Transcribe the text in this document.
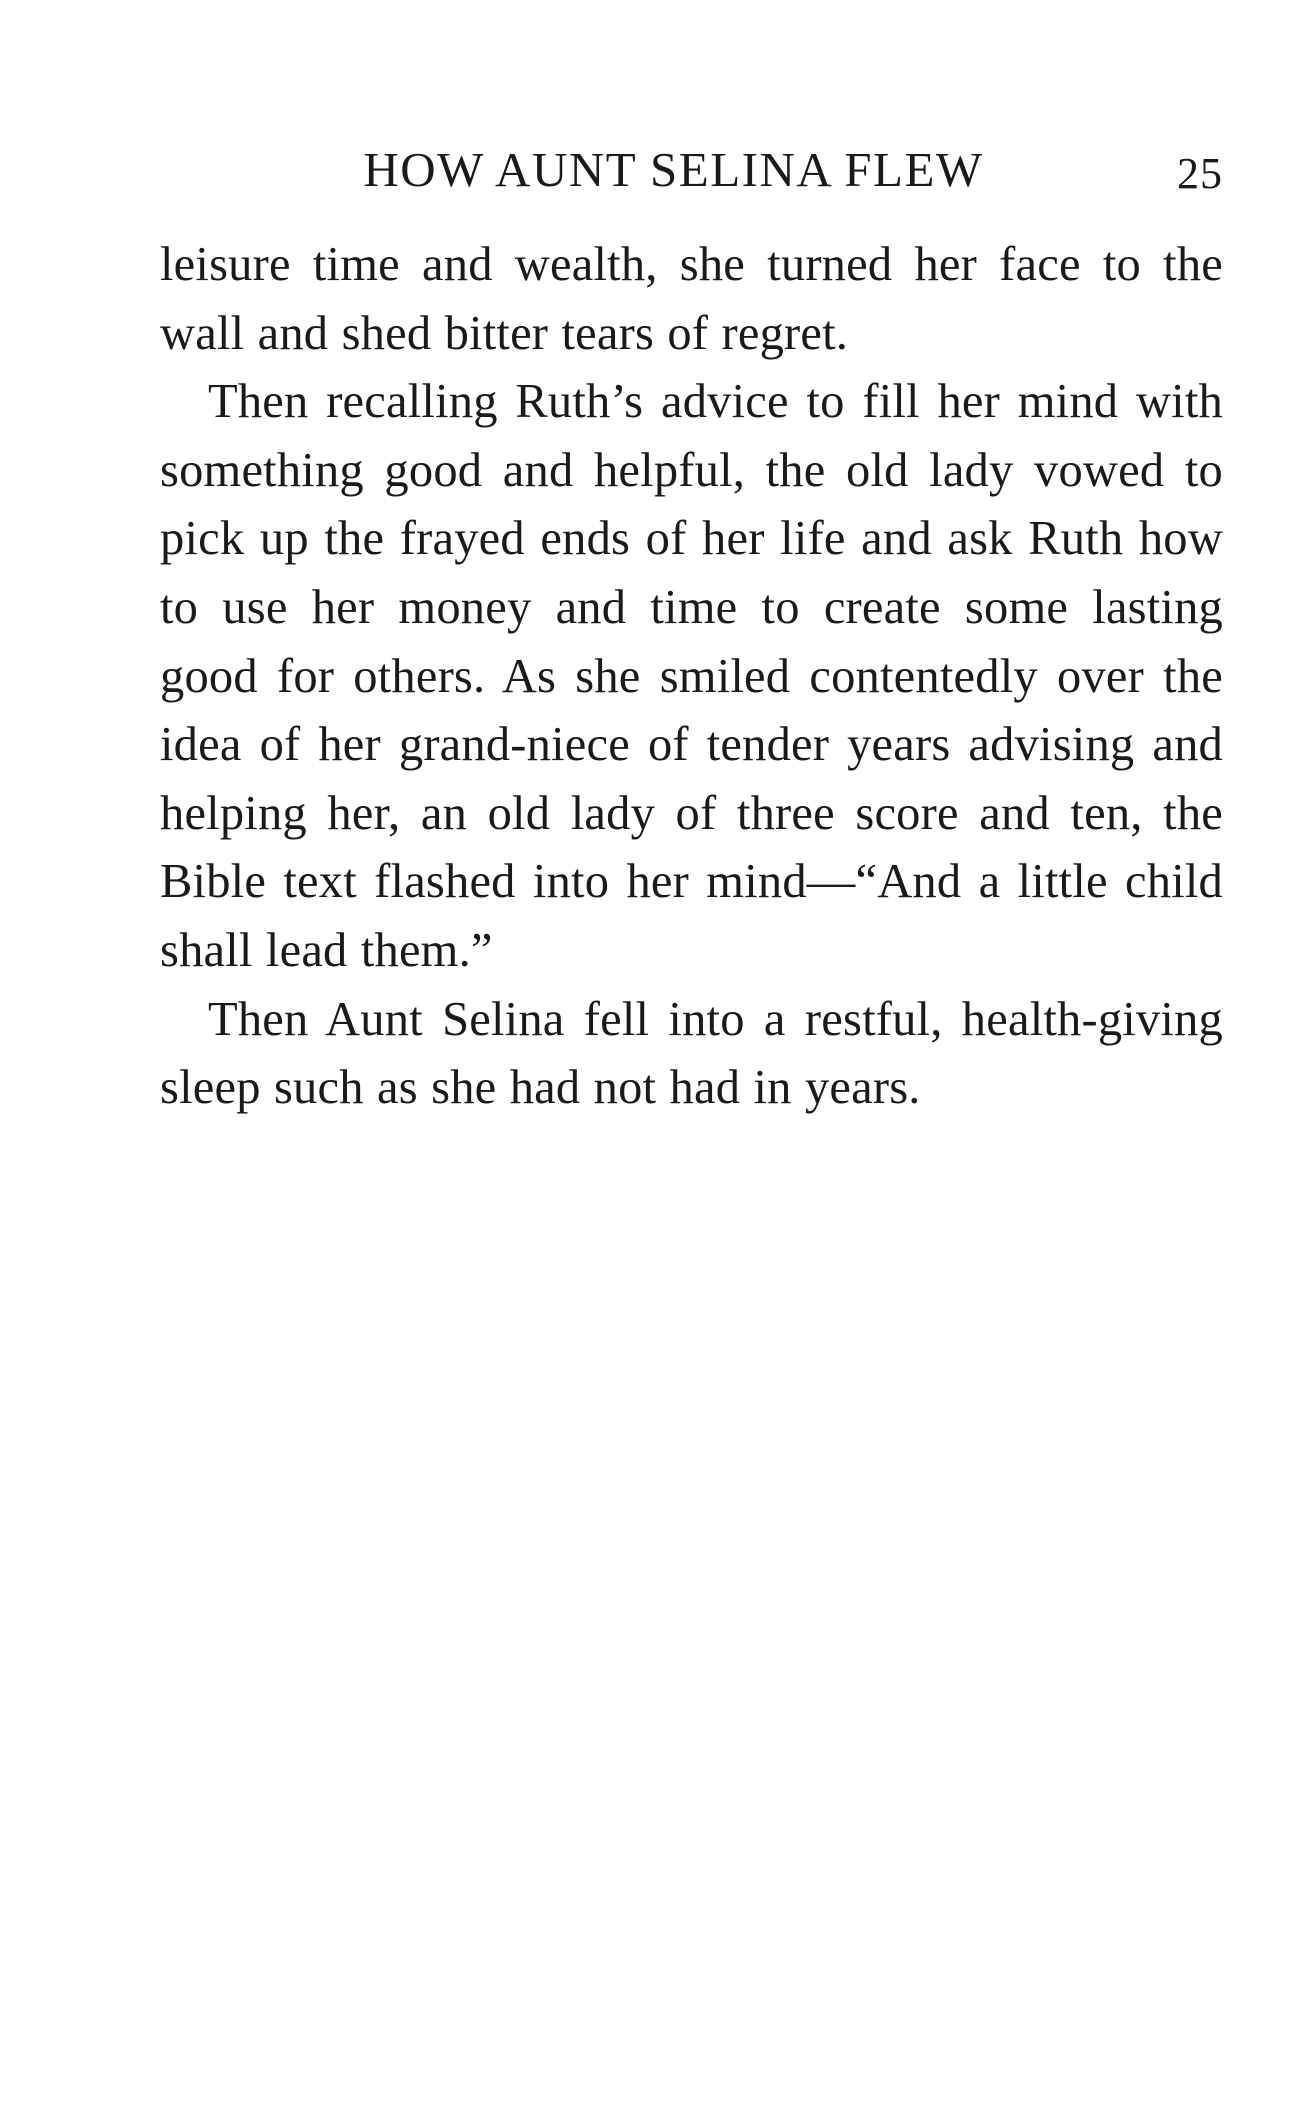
HOW AUNT SELINA FLEW	25

leisure time and wealth, she turned her face to the wall and shed bitter tears of regret.

Then recalling Ruth’s advice to fill her mind with something good and helpful, the old lady vowed to pick up the frayed ends of her life and ask Ruth how to use her money and time to create some lasting good for others. As she smiled contentedly over the idea of her grand-niece of tender years advising and helping her, an old lady of three score and ten, the Bible text flashed into her mind—“And a little child shall lead them.”

Then Aunt Selina fell into a restful, health-giving sleep such as she had not had in years.
